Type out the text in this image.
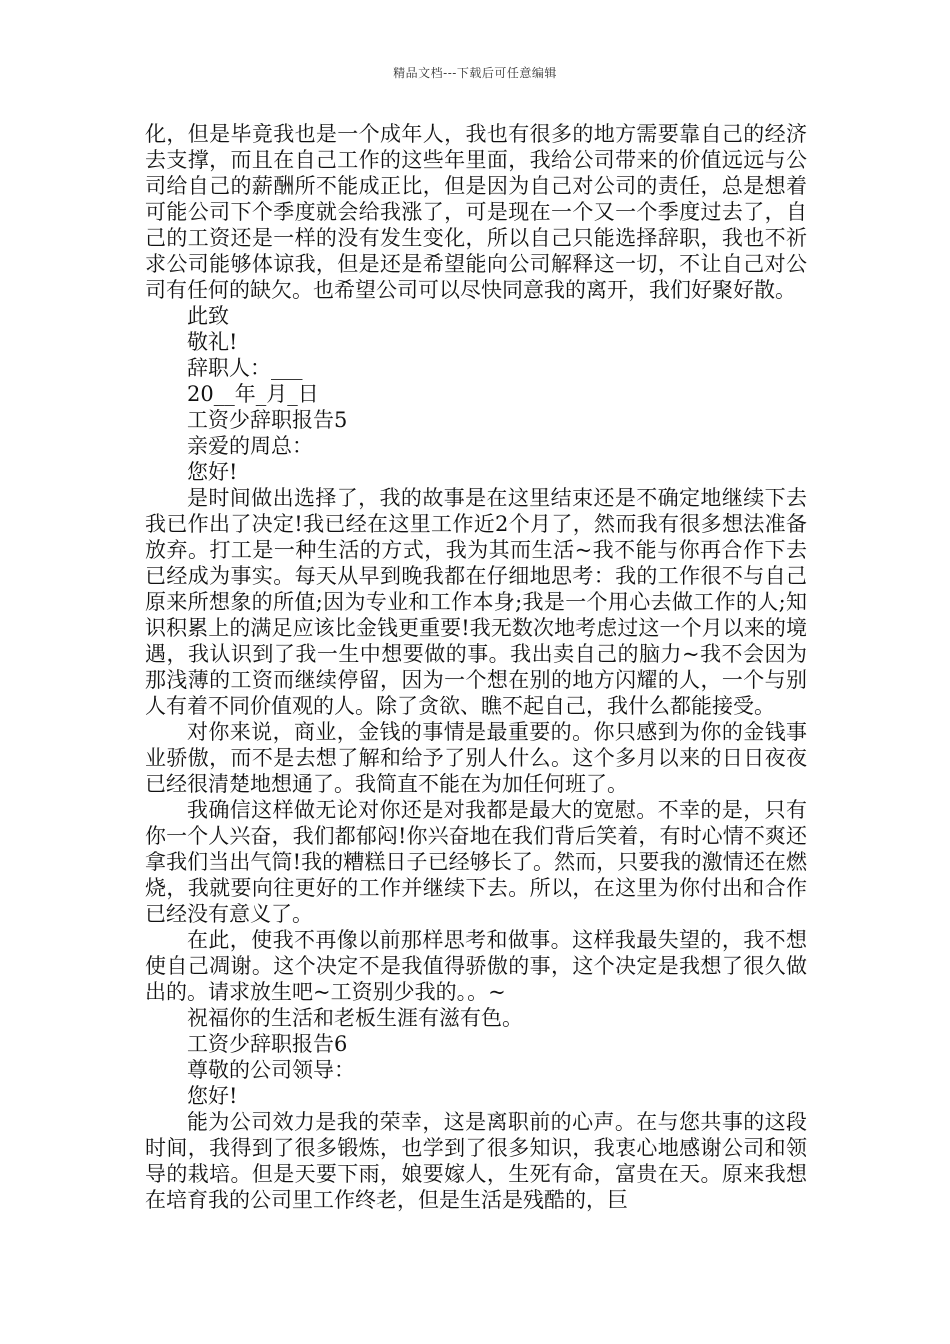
精品文档---下载后可任意编辑

化，但是毕竟我也是一个成年人，我也有很多的地方需要靠自己的经济去支撑，而且在自己工作的这些年里面，我给公司带来的价值远远与公司给自己的薪酬所不能成正比，但是因为自己对公司的责任，总是想着可能公司下个季度就会给我涨了，可是现在一个又一个季度过去了，自己的工资还是一样的没有发生变化，所以自己只能选择辞职，我也不祈求公司能够体谅我，但是还是希望能向公司解释这一切，不让自己对公司有任何的缺欠。也希望公司可以尽快同意我的离开，我们好聚好散。

此致

敬礼!

辞职人：___

20__年_月_日

工资少辞职报告5

亲爱的周总：

您好!

是时间做出选择了，我的故事是在这里结束还是不确定地继续下去我已作出了决定!我已经在这里工作近2个月了，然而我有很多想法准备放弃。打工是一种生活的方式，我为其而生活~我不能与你再合作下去已经成为事实。每天从早到晚我都在仔细地思考：我的工作很不与自己原来所想象的所值;因为专业和工作本身;我是一个用心去做工作的人;知识积累上的满足应该比金钱更重要!我无数次地考虑过这一个月以来的境遇，我认识到了我一生中想要做的事。我出卖自己的脑力~我不会因为那浅薄的工资而继续停留，因为一个想在别的地方闪耀的人，一个与别人有着不同价值观的人。除了贪欲、瞧不起自己，我什么都能接受。

对你来说，商业，金钱的事情是最重要的。你只感到为你的金钱事业骄傲，而不是去想了解和给予了别人什么。这个多月以来的日日夜夜已经很清楚地想通了。我简直不能在为加任何班了。

我确信这样做无论对你还是对我都是最大的宽慰。不幸的是，只有你一个人兴奋，我们都郁闷!你兴奋地在我们背后笑着，有时心情不爽还拿我们当出气筒!我的糟糕日子已经够长了。然而，只要我的激情还在燃烧，我就要向往更好的工作并继续下去。所以，在这里为你付出和合作已经没有意义了。

在此，使我不再像以前那样思考和做事。这样我最失望的，我不想使自己凋谢。这个决定不是我值得骄傲的事，这个决定是我想了很久做出的。请求放生吧~工资别少我的。。~

祝福你的生活和老板生涯有滋有色。

工资少辞职报告6

尊敬的公司领导：

您好!

能为公司效力是我的荣幸，这是离职前的心声。在与您共事的这段时间，我得到了很多锻炼，也学到了很多知识，我衷心地感谢公司和领导的栽培。但是天要下雨，娘要嫁人，生死有命，富贵在天。原来我想在培育我的公司里工作终老，但是生活是残酷的，巨
